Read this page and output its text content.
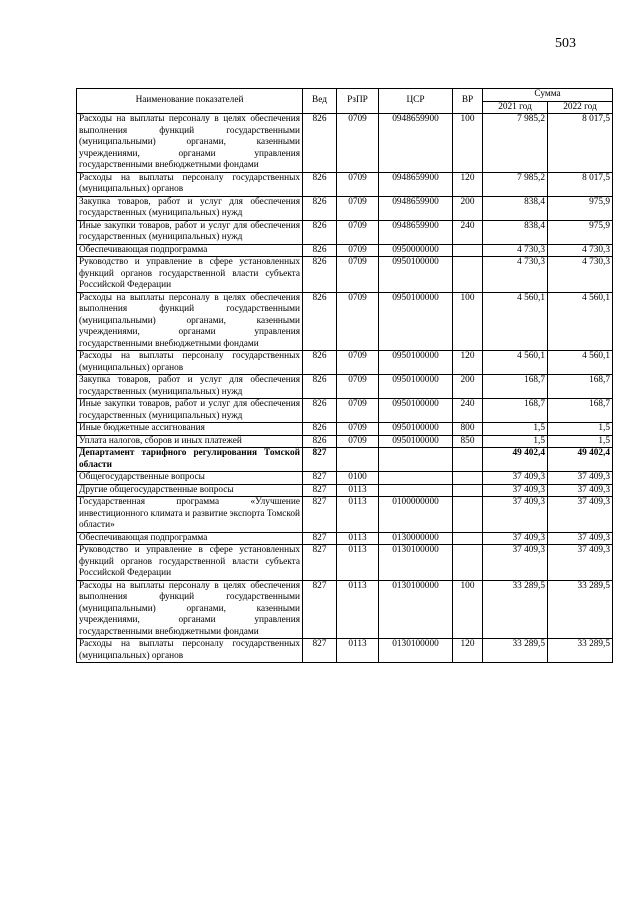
503
Наименование показателей	Вед	РзПР	ЦСР	ВР	Сумма	
					2021 год	2022 год
Расходы на выплаты персоналу в целях обеспечения выполнения функций государственными (муниципальными) органами, казенными учреждениями, органами управления государственными внебюджетными фондами	826	0709	0948659900	100	7 985,2	8 017,5
Расходы на выплаты персоналу государственных (муниципальных) органов	826	0709	0948659900	120	7 985,2	8 017,5
Закупка товаров, работ и услуг для обеспечения государственных (муниципальных) нужд	826	0709	0948659900	200	838,4	975,9
Иные закупки товаров, работ и услуг для обеспечения государственных (муниципальных) нужд	826	0709	0948659900	240	838,4	975,9
Обеспечивающая подпрограмма	826	0709	0950000000		4 730,3	4 730,3
Руководство и управление в сфере установленных функций органов государственной власти субъекта Российской Федерации	826	0709	0950100000		4 730,3	4 730,3
Расходы на выплаты персоналу в целях обеспечения выполнения функций государственными (муниципальными) органами, казенными учреждениями, органами управления государственными внебюджетными фондами	826	0709	0950100000	100	4 560,1	4 560,1
Расходы на выплаты персоналу государственных (муниципальных) органов	826	0709	0950100000	120	4 560,1	4 560,1
Закупка товаров, работ и услуг для обеспечения государственных (муниципальных) нужд	826	0709	0950100000	200	168,7	168,7
Иные закупки товаров, работ и услуг для обеспечения государственных (муниципальных) нужд	826	0709	0950100000	240	168,7	168,7
Иные бюджетные ассигнования	826	0709	0950100000	800	1,5	1,5
Уплата налогов, сборов и иных платежей	826	0709	0950100000	850	1,5	1,5
Департамент тарифного регулирования Томской области	827				49 402,4	49 402,4
Общегосударственные вопросы	827	0100			37 409,3	37 409,3
Другие общегосударственные вопросы	827	0113			37 409,3	37 409,3
Государственная программа «Улучшение инвестиционного климата и развитие экспорта Томской области»	827	0113	0100000000		37 409,3	37 409,3
Обеспечивающая подпрограмма	827	0113	0130000000		37 409,3	37 409,3
Руководство и управление в сфере установленных функций органов государственной власти субъекта Российской Федерации	827	0113	0130100000		37 409,3	37 409,3
Расходы на выплаты персоналу в целях обеспечения выполнения функций государственными (муниципальными) органами, казенными учреждениями, органами управления государственными внебюджетными фондами	827	0113	0130100000	100	33 289,5	33 289,5
Расходы на выплаты персоналу государственных (муниципальных) органов	827	0113	0130100000	120	33 289,5	33 289,5
